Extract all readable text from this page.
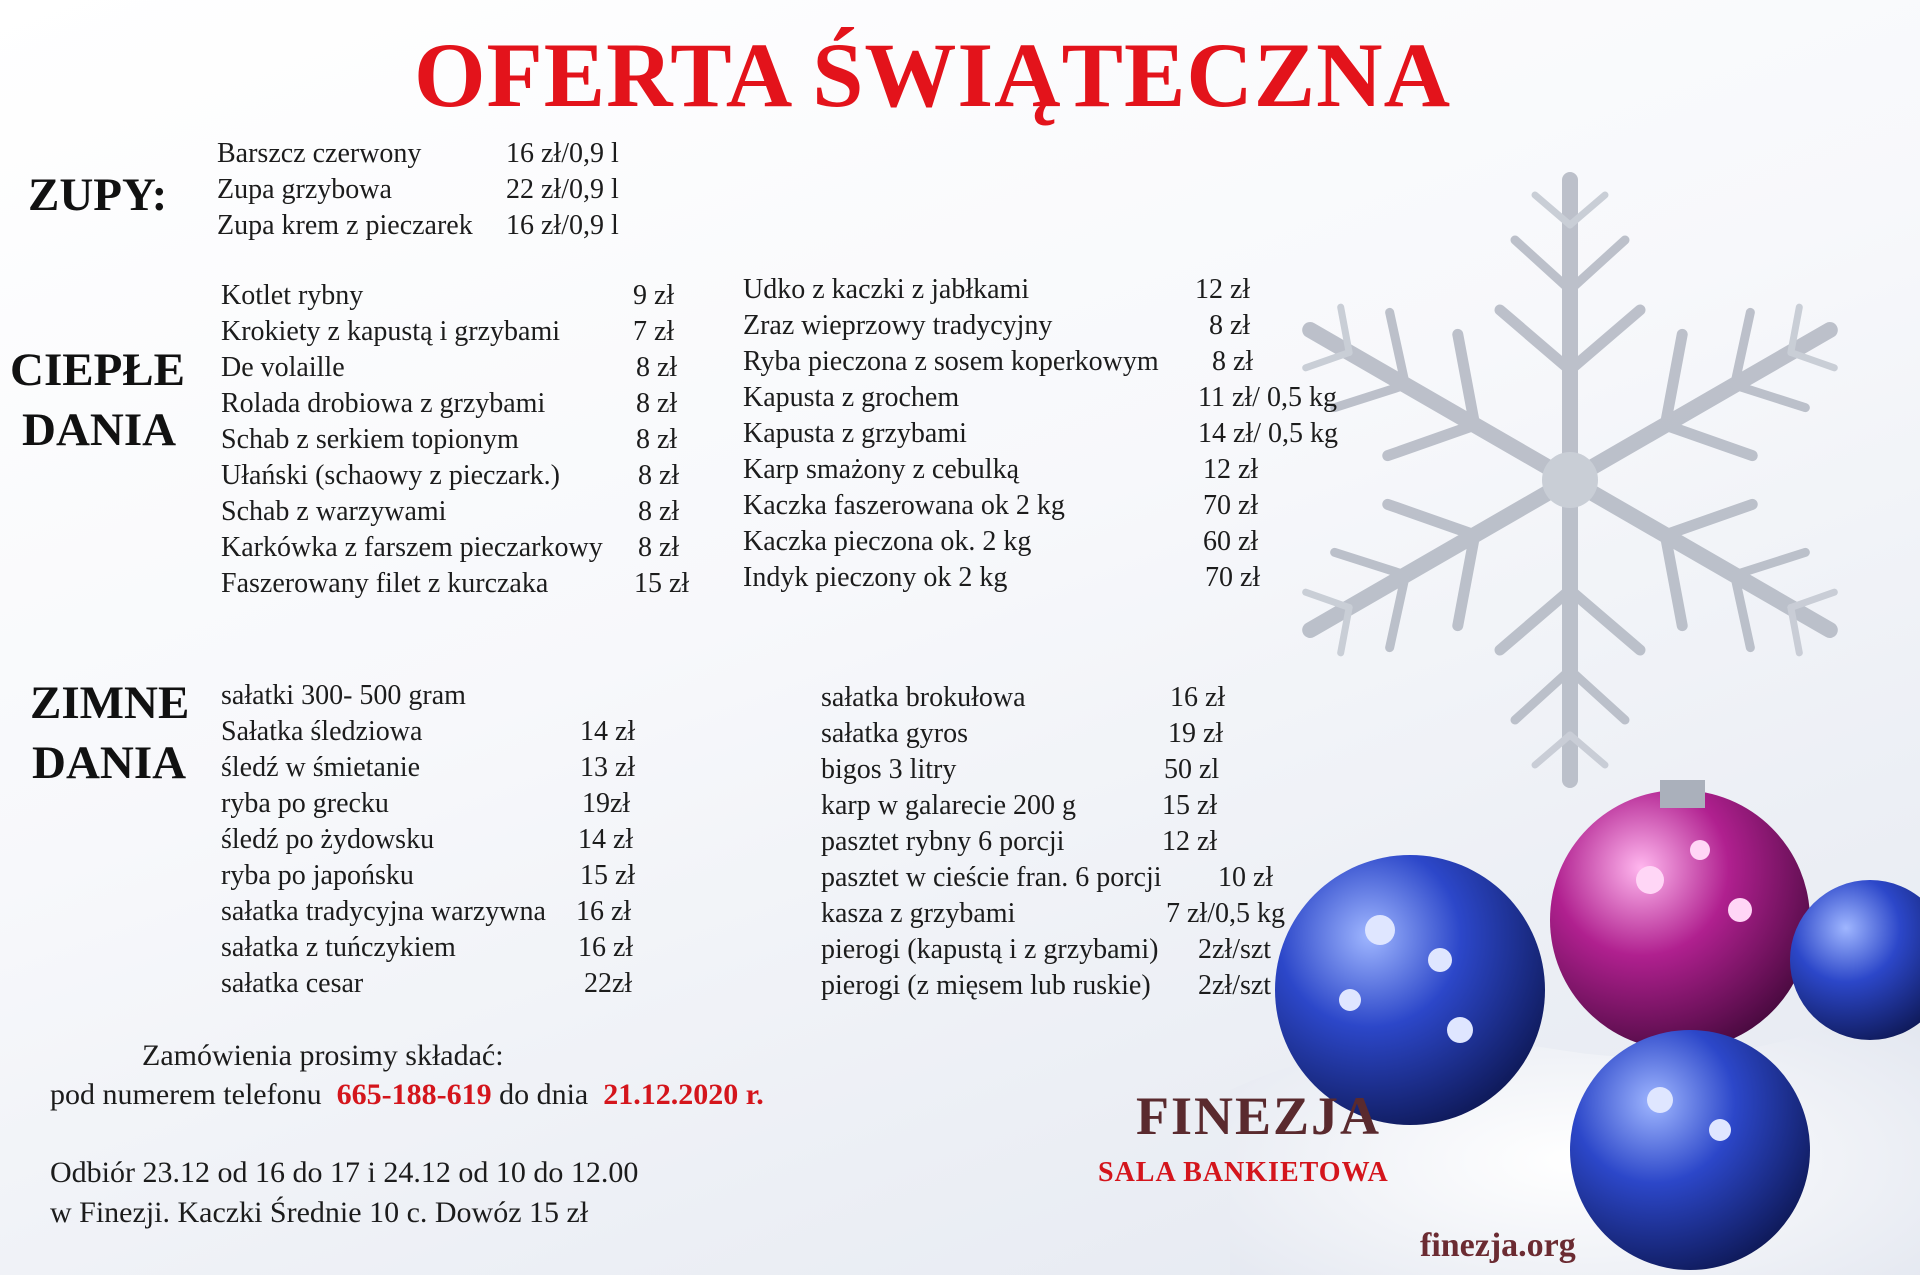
OFERTA ŚWIĄTECZNA
ZUPY:
Barszcz czerwony	16 zł/0,9 l
Zupa grzybowa	22 zł/0,9 l
Zupa krem z pieczarek 16 zł/0,9 l
CIEPŁE
DANIA
Kotlet rybny	9 zł
Krokiety z kapustą i grzybami	7 zł
De volaille	8 zł
Rolada drobiowa z grzybami	8 zł
Schab z serkiem topionym	8 zł
Ułański (schaowy z pieczark.)	8 zł
Schab z warzywami	8 zł
Karkówka z farszem pieczarkowy 8 zł
Faszerowany filet z kurczaka	15 zł
Udko z kaczki z jabłkami	12 zł
Zraz wieprzowy tradycyjny	8 zł
Ryba pieczona z sosem koperkowym 8 zł
Kapusta z grochem	11 zł/ 0,5 kg
Kapusta z grzybami	14 zł/ 0,5 kg
Karp smażony z cebulką	12 zł
Kaczka faszerowana ok 2 kg	70 zł
Kaczka pieczona ok. 2 kg	60 zł
Indyk pieczony ok 2 kg	70 zł
ZIMNE
DANIA
sałatki 300- 500 gram
Sałatka śledziowa	14 zł
śledź w śmietanie	13 zł
ryba po grecku	19zł
śledź po żydowsku	14 zł
ryba po japońsku	15 zł
sałatka tradycyjna warzywna 16 zł
sałatka z tuńczykiem	16 zł
sałatka cesar	22zł
sałatka brokułowa	16 zł
sałatka gyros	19 zł
bigos 3 litry	50 zl
karp w galarecie 200 g	15 zł
pasztet rybny 6 porcji	12 zł
pasztet w cieście fran. 6 porcji 10 zł
kasza z grzybami	7 zł/0,5 kg
pierogi (kapustą i z grzybami) 2zł/szt
pierogi (z mięsem lub ruskie) 2zł/szt
Zamówienia prosimy składać:
pod numerem telefonu 665-188-619 do dnia 21.12.2020 r.
Odbiór 23.12 od 16 do 17 i 24.12 od 10 do 12.00
w Finezji. Kaczki Średnie 10 c. Dowóz 15 zł
FINEZJA
SALA BANKIETOWA
finezja.org
